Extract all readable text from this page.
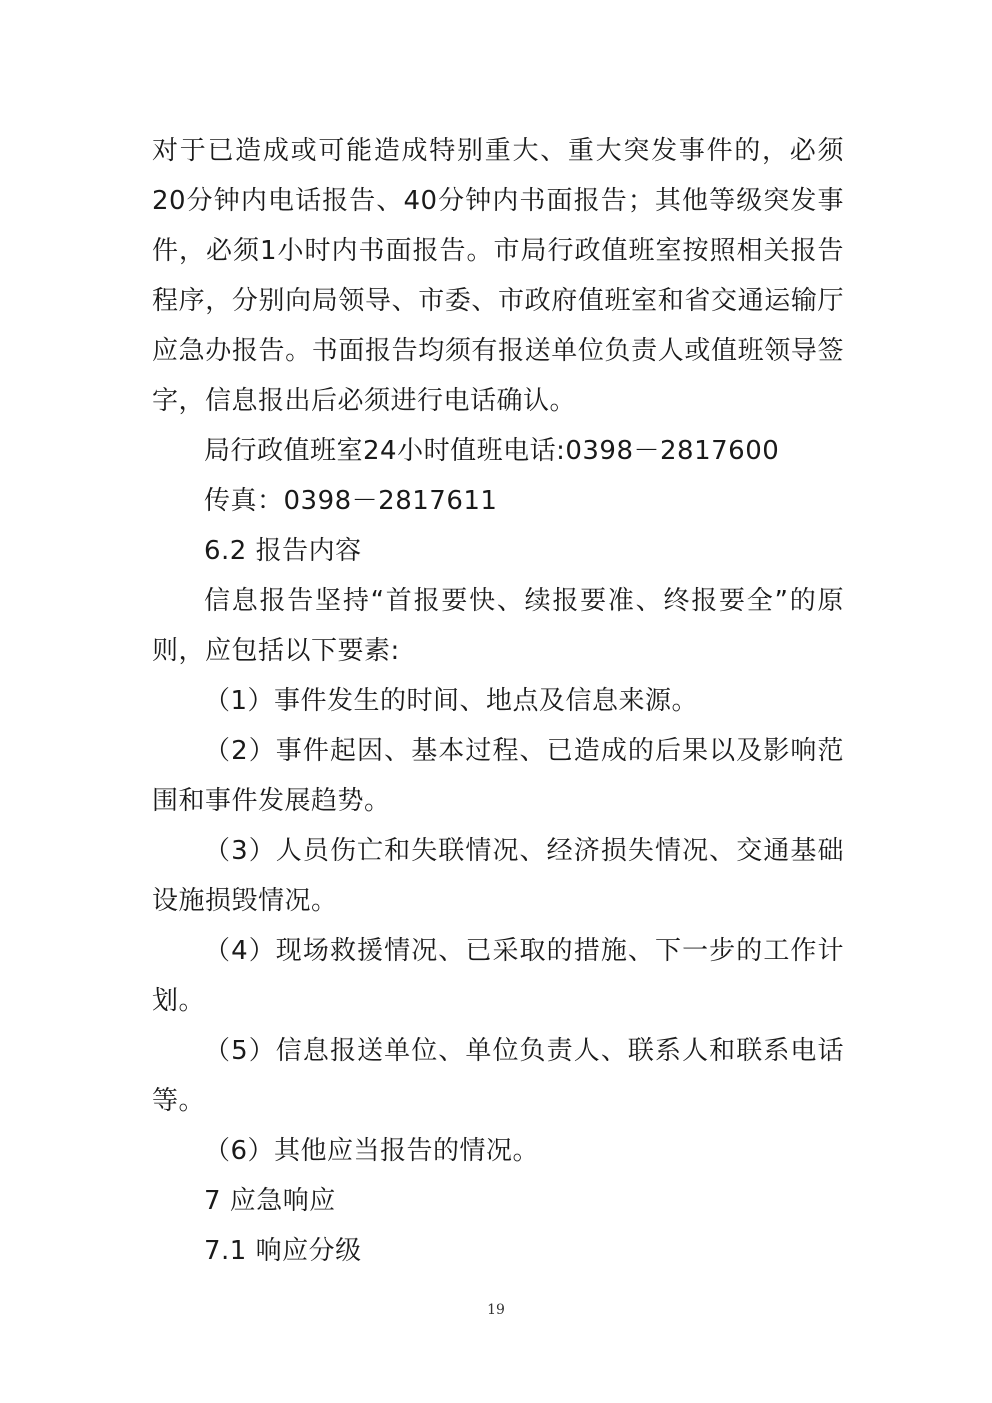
对于已造成或可能造成特别重大、重大突发事件的，必须20分钟内电话报告、40分钟内书面报告；其他等级突发事件，必须1小时内书面报告。市局行政值班室按照相关报告程序，分别向局领导、市委、市政府值班室和省交通运输厅应急办报告。书面报告均须有报送单位负责人或值班领导签字，信息报出后必须进行电话确认。

局行政值班室24小时值班电话:0398－2817600

传真：0398－2817611

6.2 报告内容

信息报告坚持“首报要快、续报要准、终报要全”的原则，应包括以下要素:

（1）事件发生的时间、地点及信息来源。

（2）事件起因、基本过程、已造成的后果以及影响范围和事件发展趋势。

（3）人员伤亡和失联情况、经济损失情况、交通基础设施损毁情况。

（4）现场救援情况、已采取的措施、下一步的工作计划。

（5）信息报送单位、单位负责人、联系人和联系电话等。

（6）其他应当报告的情况。

7 应急响应

7.1 响应分级

19
